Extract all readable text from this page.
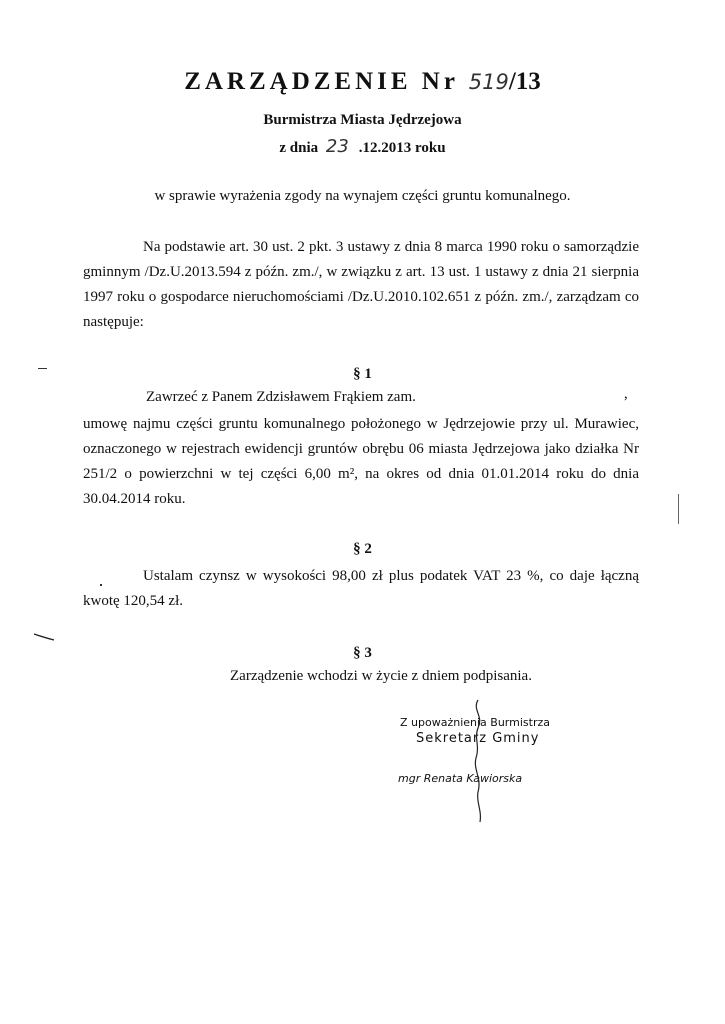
ZARZĄDZENIE Nr 519/13
Burmistrza Miasta Jędrzejowa
z dnia 23 .12.2013 roku
w sprawie wyrażenia zgody na wynajem części gruntu komunalnego.
Na podstawie art. 30 ust. 2 pkt. 3 ustawy z dnia 8 marca 1990 roku o samorządzie gminnym /Dz.U.2013.594 z późn. zm./, w związku z art. 13 ust. 1 ustawy z dnia 21 sierpnia 1997 roku o gospodarce nieruchomościami /Dz.U.2010.102.651 z późn. zm./, zarządzam co następuje:
§ 1
Zawrzeć z Panem Zdzisławem Frąkiem zam.	,
umowę najmu części gruntu komunalnego położonego w Jędrzejowie przy ul. Murawiec, oznaczonego w rejestrach ewidencji gruntów obrębu 06 miasta Jędrzejowa jako działka Nr 251/2 o powierzchni w tej części 6,00 m², na okres od dnia 01.01.2014 roku do dnia 30.04.2014 roku.
§ 2
Ustalam czynsz w wysokości 98,00 zł plus podatek VAT 23 %, co daje łączną kwotę 120,54 zł.
§ 3
Zarządzenie wchodzi w życie z dniem podpisania.
Z upoważnienia Burmistrza
Sekretarz Gminy
mgr Renata Kawiorska
